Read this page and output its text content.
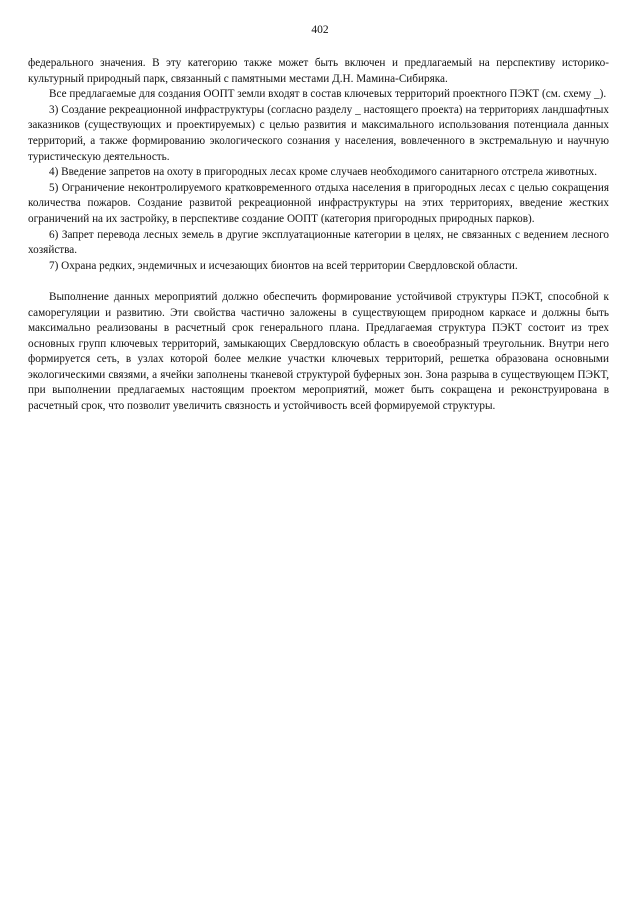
402

федерального значения. В эту категорию также может быть включен и предлагаемый на перспективу историко-культурный природный парк, связанный с памятными местами Д.Н. Мамина-Сибиряка.

Все предлагаемые для создания ООПТ земли входят в состав ключевых территорий проектного ПЭКТ (см. схему _).

3) Создание рекреационной инфраструктуры (согласно разделу _ настоящего проекта) на территориях ландшафтных заказников (существующих и проектируемых) с целью развития и максимального использования потенциала данных территорий, а также формированию экологического сознания у населения, вовлеченного в экстремальную и научную туристическую деятельность.

4) Введение запретов на охоту в пригородных лесах кроме случаев необходимого санитарного отстрела животных.

5) Ограничение неконтролируемого кратковременного отдыха населения в пригородных лесах с целью сокращения количества пожаров. Создание развитой рекреационной инфраструктуры на этих территориях, введение жестких ограничений на их застройку, в перспективе создание ООПТ (категория пригородных природных парков).

6) Запрет перевода лесных земель в другие эксплуатационные категории в целях, не связанных с ведением лесного хозяйства.

7) Охрана редких, эндемичных и исчезающих бионтов на всей территории Свердловской области.

Выполнение данных мероприятий должно обеспечить формирование устойчивой структуры ПЭКТ, способной к саморегуляции и развитию. Эти свойства частично заложены в существующем природном каркасе и должны быть максимально реализованы в расчетный срок генерального плана. Предлагаемая структура ПЭКТ состоит из трех основных групп ключевых территорий, замыкающих Свердловскую область в своеобразный треугольник. Внутри него формируется сеть, в узлах которой более мелкие участки ключевых территорий, решетка образована основными экологическими связями, а ячейки заполнены тканевой структурой буферных зон. Зона разрыва в существующем ПЭКТ, при выполнении предлагаемых настоящим проектом мероприятий, может быть сокращена и реконструирована в расчетный срок, что позволит увеличить связность и устойчивость всей формируемой структуры.
